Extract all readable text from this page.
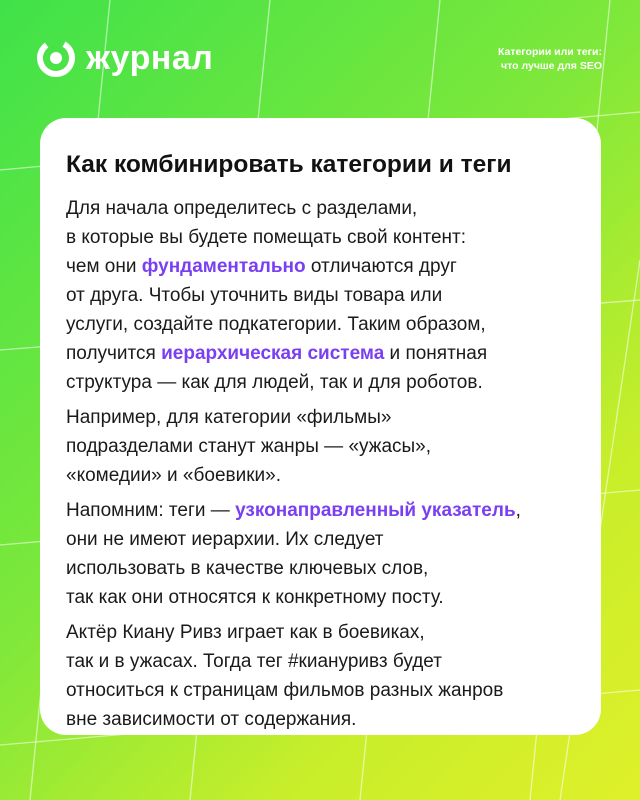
журнал	Категории или теги:
что лучше для SEO
Как комбинировать категории и теги

Для начала определитесь с разделами,
в которые вы будете помещать свой контент:
чем они фундаментально отличаются друг
от друга. Чтобы уточнить виды товара или
услуги, создайте подкатегории. Таким образом,
получится иерархическая система и понятная
структура — как для людей, так и для роботов.

Например, для категории «фильмы»
подразделами станут жанры — «ужасы»,
«комедии» и «боевики».

Напомним: теги — узконаправленный указатель,
они не имеют иерархии. Их следует
использовать в качестве ключевых слов,
так как они относятся к конкретному посту.

Актёр Киану Ривз играет как в боевиках,
так и в ужасах. Тогда тег #киануривз будет
относиться к страницам фильмов разных жанров
вне зависимости от содержания.
